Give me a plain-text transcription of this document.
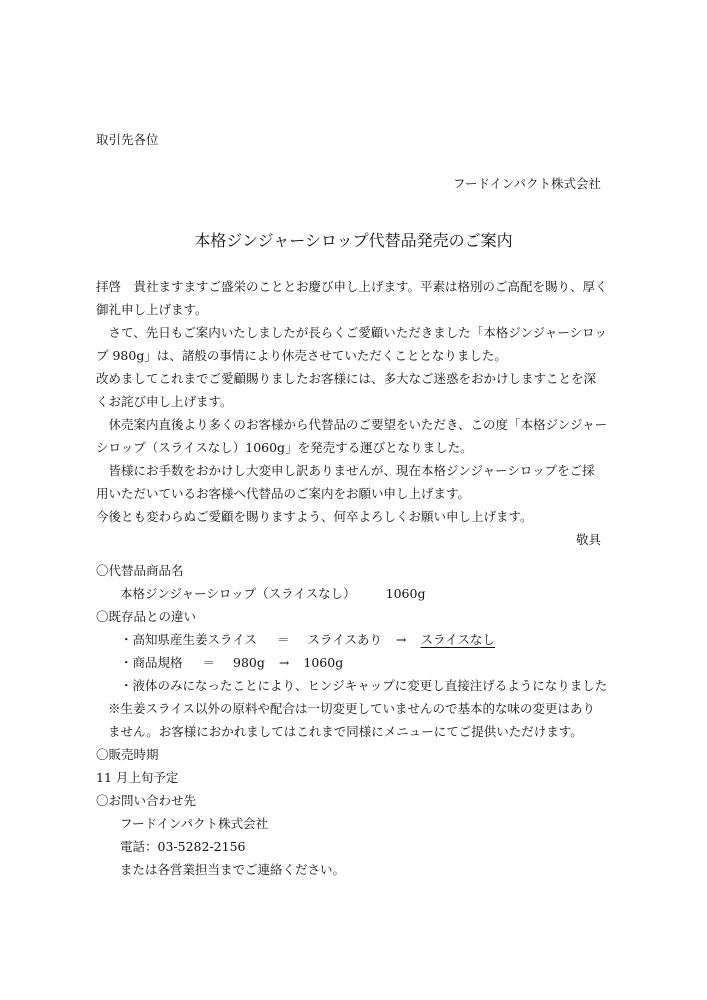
取引先各位
フードインパクト株式会社
本格ジンジャーシロップ代替品発売のご案内
拝啓　貴社ますますご盛栄のこととお慶び申し上げます。平素は格別のご高配を賜り、厚く
御礼申し上げます。
　さて、先日もご案内いたしましたが長らくご愛顧いただきました「本格ジンジャーシロッ
プ 980g」は、諸般の事情により休売させていただくこととなりました。
改めましてこれまでご愛顧賜りましたお客様には、多大なご迷惑をおかけしますことを深
くお詫び申し上げます。
　休売案内直後より多くのお客様から代替品のご要望をいただき、この度「本格ジンジャー
シロップ（スライスなし）1060g」を発売する運びとなりました。
　皆様にお手数をおかけし大変申し訳ありませんが、現在本格ジンジャーシロップをご採
用いただいているお客様へ代替品のご案内をお願い申し上げます。
今後とも変わらぬご愛顧を賜りますよう、何卒よろしくお願い申し上げます。
敬具
〇代替品商品名
本格ジンジャーシロップ（スライスなし） 1060g
〇既存品との違い
・高知県産生姜スライス ＝ スライスあり → スライスなし
・商品規格 ＝ 980g → 1060g
・液体のみになったことにより、ヒンジキャップに変更し直接注げるようになりました
※生姜スライス以外の原料や配合は一切変更していませんので基本的な味の変更はあり
ません。お客様におかれましてはこれまで同様にメニューにてご提供いただけます。
〇販売時期
11 月上旬予定
〇お問い合わせ先
フードインパクト株式会社
電話：03-5282-2156
または各営業担当までご連絡ください。
